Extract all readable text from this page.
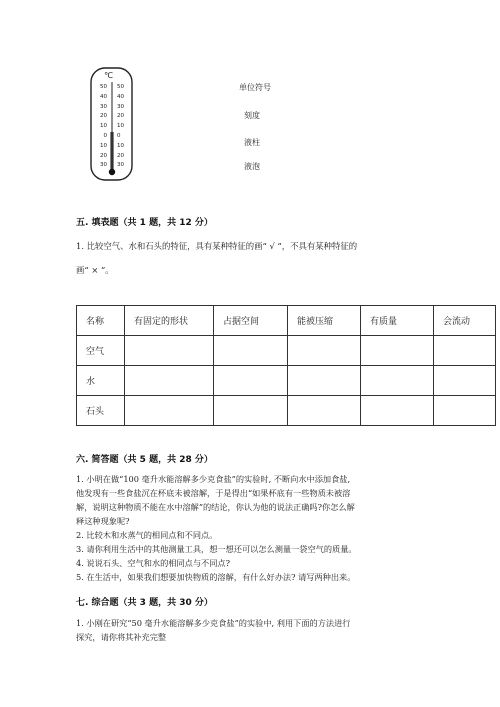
℃
50
40
30
20
10
0
10
20
30
50
40
30
20
10
0
10
20
30
单位符号
刻度
液柱
液泡
五. 填表题（共 1 题，共 12 分）
1. 比较空气、水和石头的特征，具有某种特征的画“ √ ”，不具有某种特征的
画“ × ”。
名称	有固定的形状	占据空间	能被压缩	有质量	会流动
空气					
水					
石头					
六. 简答题（共 5 题，共 28 分）
1. 小明在做“100 毫升水能溶解多少克食盐”的实验时, 不断向水中添加食盐,
他发现有一些食盐沉在杯底未被溶解，于是得出“如果杯底有一些物质未被溶
解，说明这种物质不能在水中溶解”的结论，你认为他的说法正确吗?你怎么解
释这种现象呢?
2. 比较木和水蒸气的相同点和不同点。
3. 请你利用生活中的其他测量工具，想一想还可以怎么测量一袋空气的质量。
4. 说说石头、空气和水的相同点与不同点?
5. 在生活中，如果我们想要加快物质的溶解，有什么好办法? 请写两种出来。
七. 综合题（共 3 题，共 30 分）
1. 小刚在研究“50 毫升水能溶解多少克食盐”的实验中, 利用下面的方法进行
探究，请你将其补充完整
